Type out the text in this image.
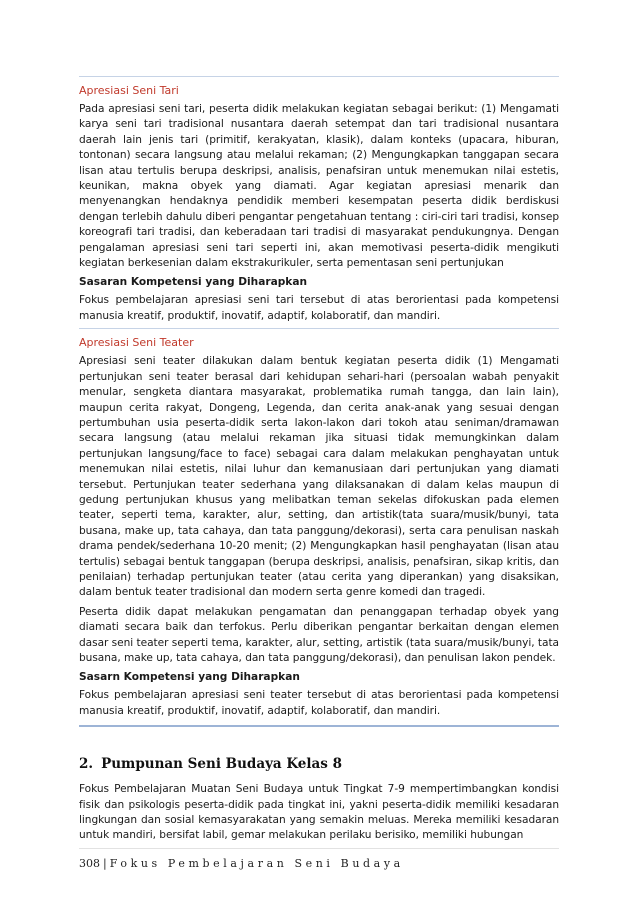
Apresiasi Seni Tari

Pada apresiasi seni tari, peserta didik melakukan kegiatan sebagai berikut: (1) Mengamati karya seni tari tradisional nusantara daerah setempat dan tari tradisional nusantara daerah lain jenis tari (primitif, kerakyatan, klasik), dalam konteks (upacara, hiburan, tontonan) secara langsung atau melalui rekaman; (2) Mengungkapkan tanggapan secara lisan atau tertulis berupa deskripsi, analisis, penafsiran untuk menemukan nilai estetis, keunikan, makna obyek yang diamati. Agar kegiatan apresiasi menarik dan menyenangkan hendaknya pendidik memberi kesempatan peserta didik berdiskusi dengan terlebih dahulu diberi pengantar pengetahuan tentang : ciri-ciri tari tradisi, konsep koreografi tari tradisi, dan keberadaan tari tradisi di masyarakat pendukungnya. Dengan pengalaman apresiasi seni tari seperti ini, akan memotivasi peserta-didik mengikuti kegiatan berkesenian dalam ekstrakurikuler, serta pementasan seni pertunjukan

Sasaran Kompetensi yang Diharapkan

Fokus pembelajaran apresiasi seni tari tersebut di atas berorientasi pada kompetensi manusia kreatif, produktif, inovatif, adaptif, kolaboratif, dan mandiri.

Apresiasi Seni Teater

Apresiasi seni teater dilakukan dalam bentuk kegiatan peserta didik (1) Mengamati pertunjukan seni teater berasal dari kehidupan sehari-hari (persoalan wabah penyakit menular, sengketa diantara masyarakat, problematika rumah tangga, dan lain lain), maupun cerita rakyat, Dongeng, Legenda, dan cerita anak-anak yang sesuai dengan pertumbuhan usia peserta-didik serta lakon-lakon dari tokoh atau seniman/dramawan secara langsung (atau melalui rekaman jika situasi tidak memungkinkan dalam pertunjukan langsung/face to face) sebagai cara dalam melakukan penghayatan untuk menemukan nilai estetis, nilai luhur dan kemanusiaan dari pertunjukan yang diamati tersebut. Pertunjukan teater sederhana yang dilaksanakan di dalam kelas maupun di gedung pertunjukan khusus yang melibatkan teman sekelas difokuskan pada elemen teater, seperti tema, karakter, alur, setting, dan artistik(tata suara/musik/bunyi, tata busana, make up, tata cahaya, dan tata panggung/dekorasi), serta cara penulisan naskah drama pendek/sederhana 10-20 menit; (2) Mengungkapkan hasil penghayatan (lisan atau tertulis) sebagai bentuk tanggapan (berupa deskripsi, analisis, penafsiran, sikap kritis, dan penilaian) terhadap pertunjukan teater (atau cerita yang diperankan) yang disaksikan, dalam bentuk teater tradisional dan modern serta genre komedi dan tragedi.

Peserta didik dapat melakukan pengamatan dan penanggapan terhadap obyek yang diamati secara baik dan terfokus. Perlu diberikan pengantar berkaitan dengan elemen dasar seni teater seperti tema, karakter, alur, setting, artistik (tata suara/musik/bunyi, tata busana, make up, tata cahaya, dan tata panggung/dekorasi), dan penulisan lakon pendek.

Sasarn Kompetensi yang Diharapkan

Fokus pembelajaran apresiasi seni teater tersebut di atas berorientasi pada kompetensi manusia kreatif, produktif, inovatif, adaptif, kolaboratif, dan mandiri.

2. Pumpunan Seni Budaya Kelas 8

Fokus Pembelajaran Muatan Seni Budaya untuk Tingkat 7-9 mempertimbangkan kondisi fisik dan psikologis peserta-didik pada tingkat ini, yakni peserta-didik memiliki kesadaran lingkungan dan sosial kemasyarakatan yang semakin meluas. Mereka memiliki kesadaran untuk mandiri, bersifat labil, gemar melakukan perilaku berisiko, memiliki hubungan

308 | Fokus Pembelajaran Seni Budaya
